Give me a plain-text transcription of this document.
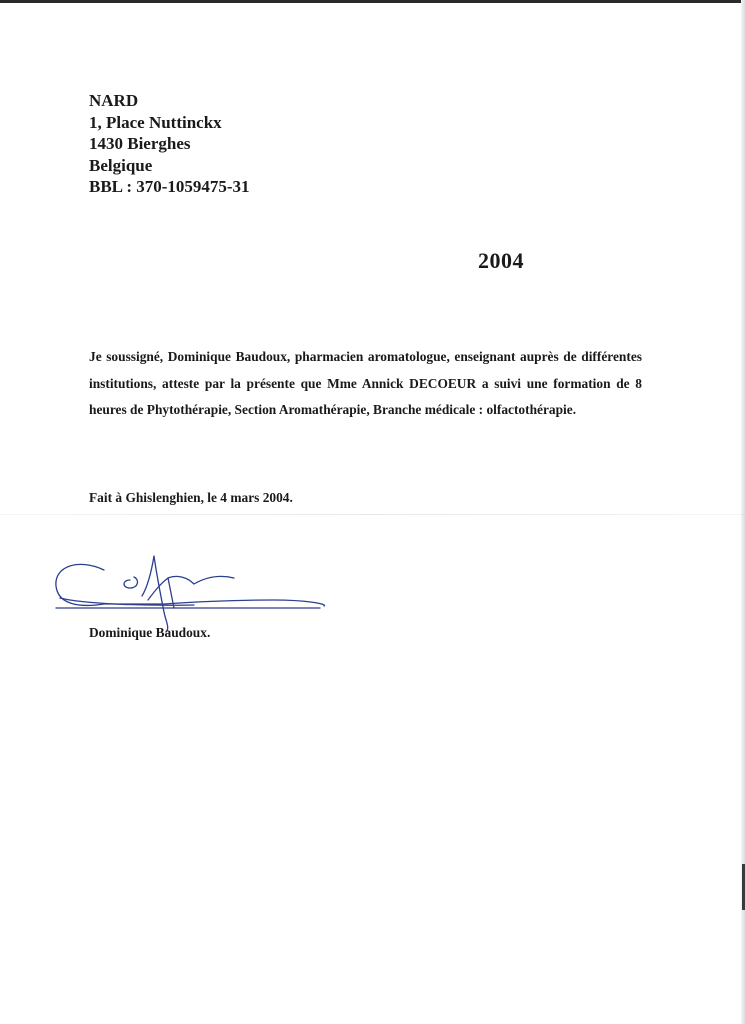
NARD
1, Place Nuttinckx
1430 Bierghes
Belgique
BBL : 370-1059475-31
2004
Je soussigné, Dominique Baudoux, pharmacien aromatologue, enseignant auprès de différentes institutions, atteste par la présente que Mme Annick DECOEUR a suivi une formation de 8 heures de Phytothérapie, Section Aromathérapie, Branche médicale : olfactothérapie.
Fait à Ghislenghien, le 4 mars 2004.
Dominique Baudoux.
